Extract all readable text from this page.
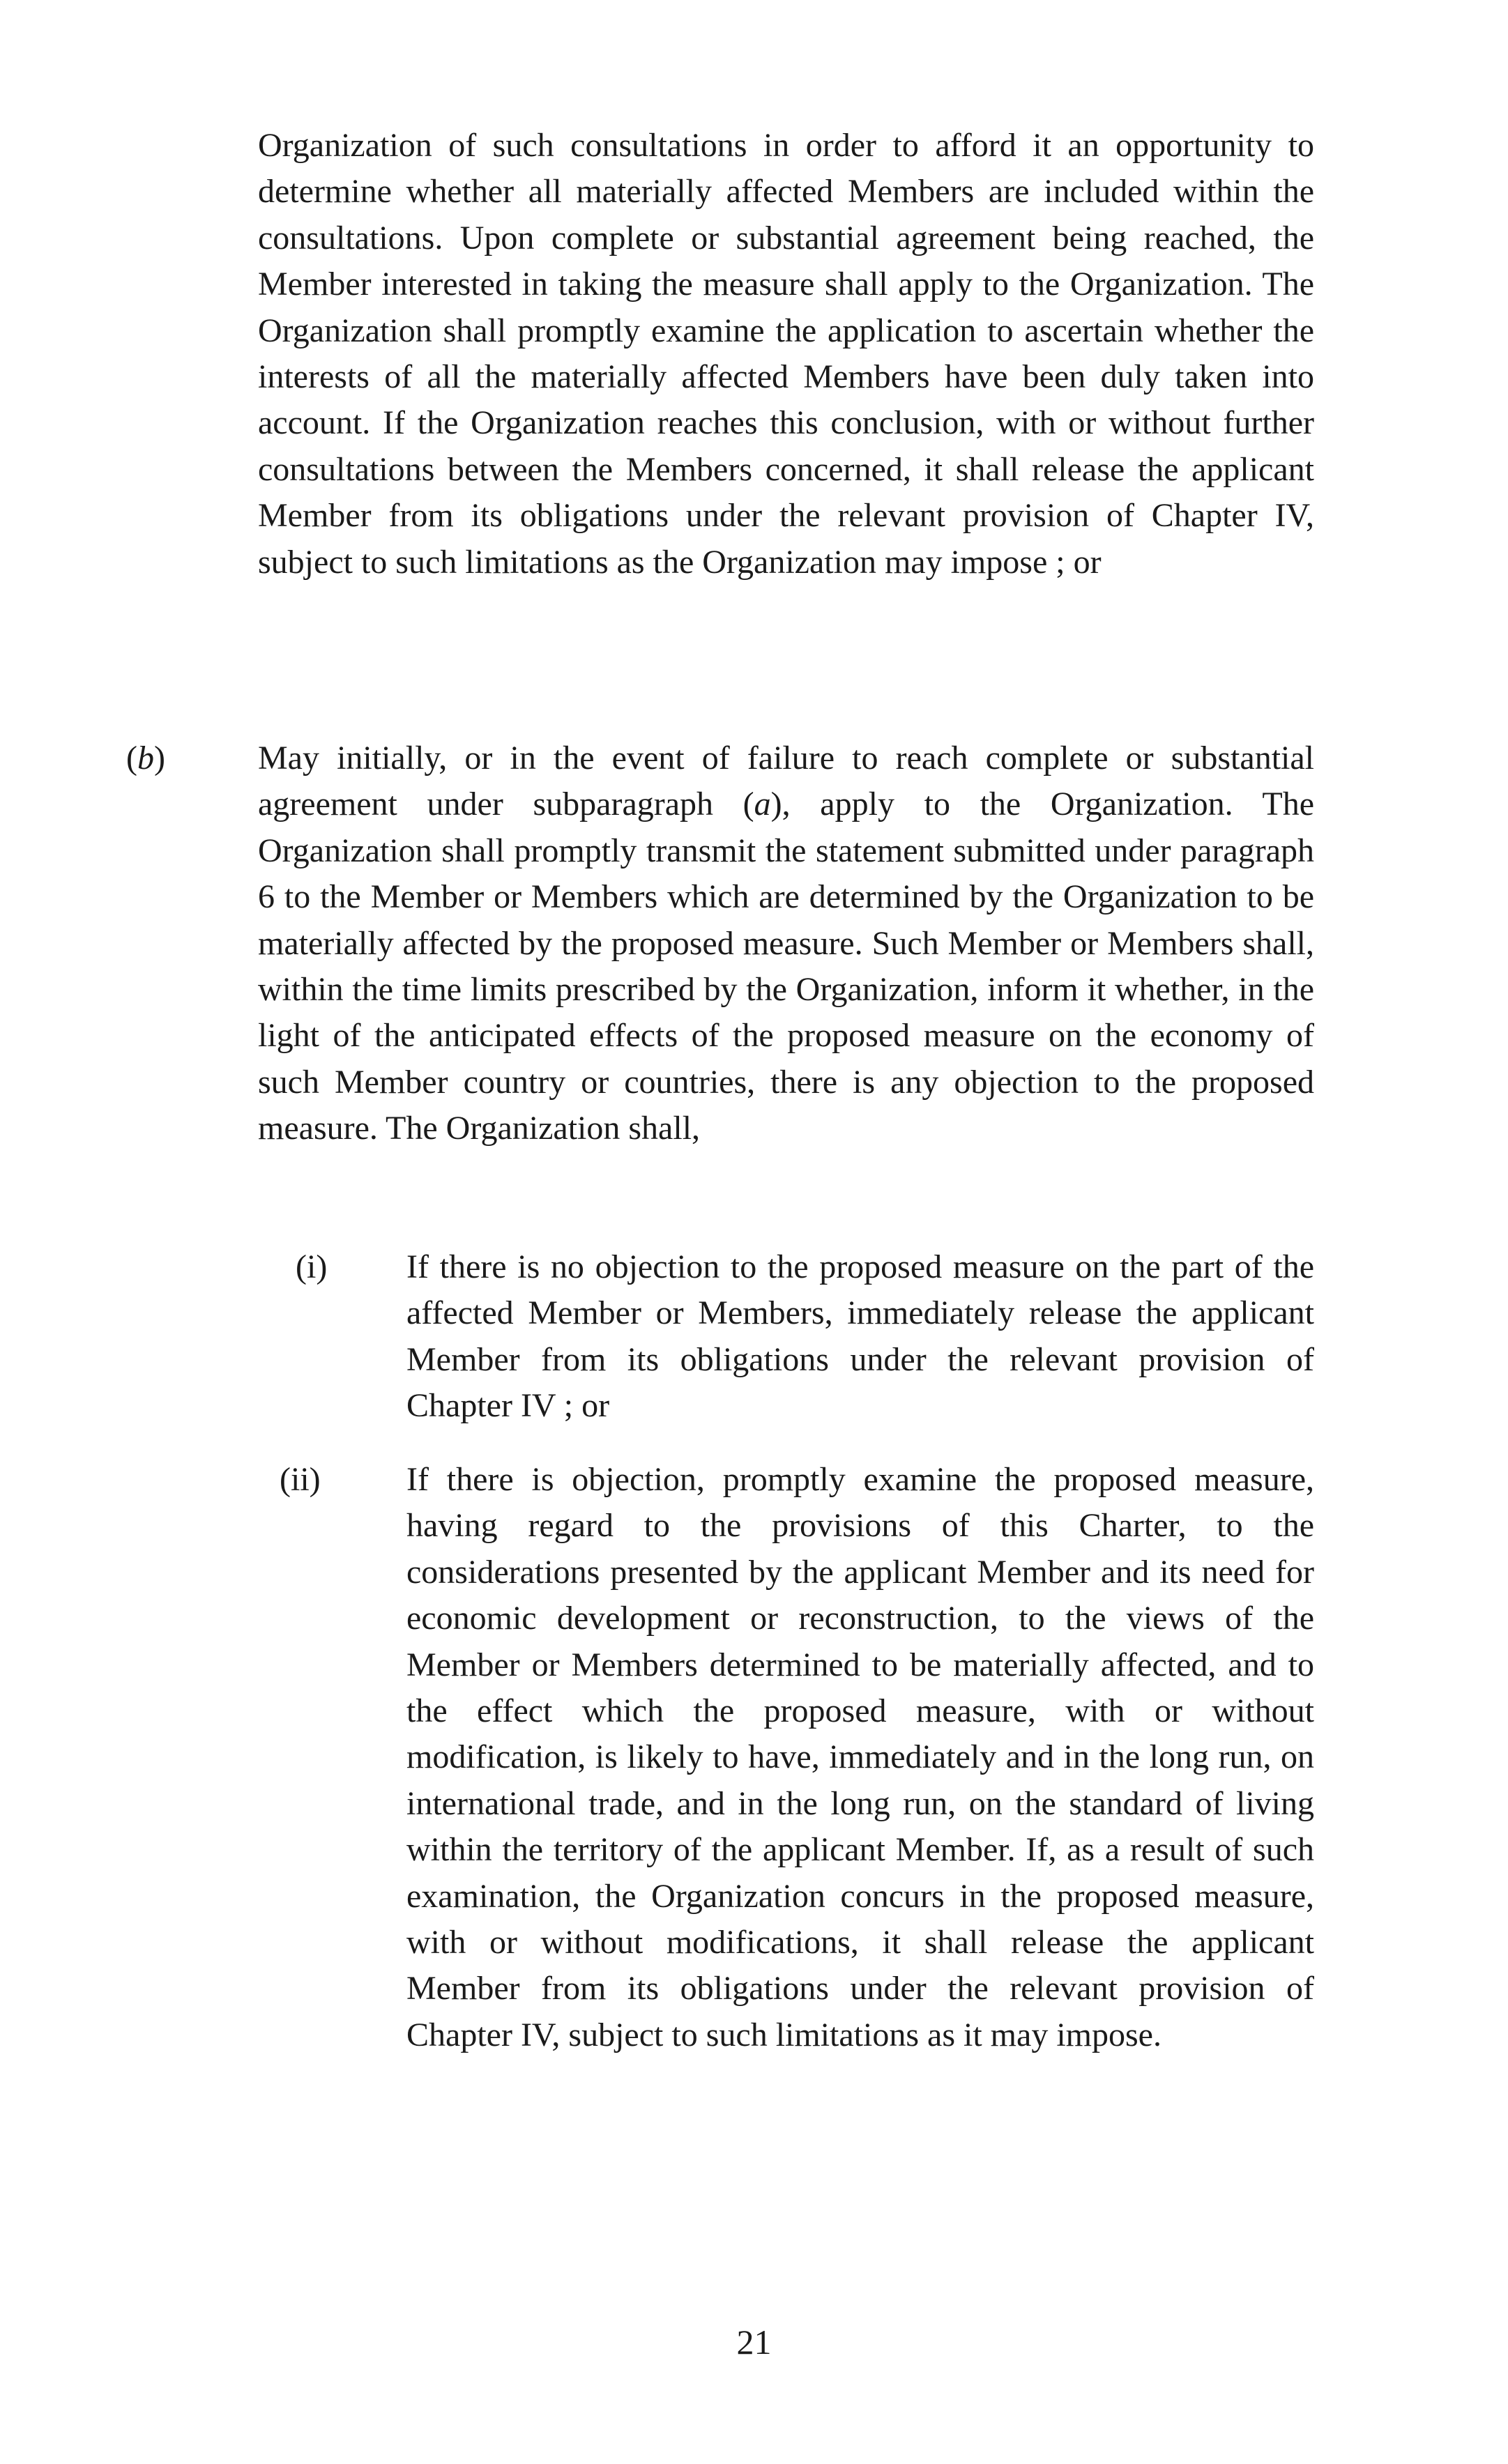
Organization of such consultations in order to afford it an opportunity to determine whether all materially affected Members are included within the consultations. Upon complete or substantial agreement being reached, the Member interested in taking the measure shall apply to the Organization. The Organization shall promptly examine the application to ascertain whether the interests of all the materially affected Members have been duly taken into account. If the Organization reaches this conclusion, with or without further consultations between the Members concerned, it shall release the applicant Member from its obligations under the relevant provision of Chapter IV, subject to such limitations as the Organization may impose ; or

(b)	May initially, or in the event of failure to reach complete or substantial agreement under subparagraph (a), apply to the Organization. The Organization shall promptly transmit the statement submitted under paragraph 6 to the Member or Members which are determined by the Organization to be materially affected by the proposed measure. Such Member or Members shall, within the time limits prescribed by the Organization, inform it whether, in the light of the anticipated effects of the proposed measure on the economy of such Member country or countries, there is any objection to the proposed measure. The Organization shall,

(i) If there is no objection to the proposed measure on the part of the affected Member or Members, immediately release the applicant Member from its obligations under the relevant provision of Chapter IV ; or

(ii)	If there is objection, promptly examine the proposed measure, having regard to the provisions of this Charter, to the considerations presented by the applicant Member and its need for economic development or reconstruction, to the views of the Member or Members determined to be materially affected, and to the effect which the proposed measure, with or without modification, is likely to have, immediately and in the long run, on international trade, and in the long run, on the standard of living within the territory of the applicant Member. If, as a result of such examination, the Organization concurs in the proposed measure, with or without modifications, it shall release the applicant Member from its obligations under the relevant provision of Chapter IV, subject to such limitations as it may impose.

21
